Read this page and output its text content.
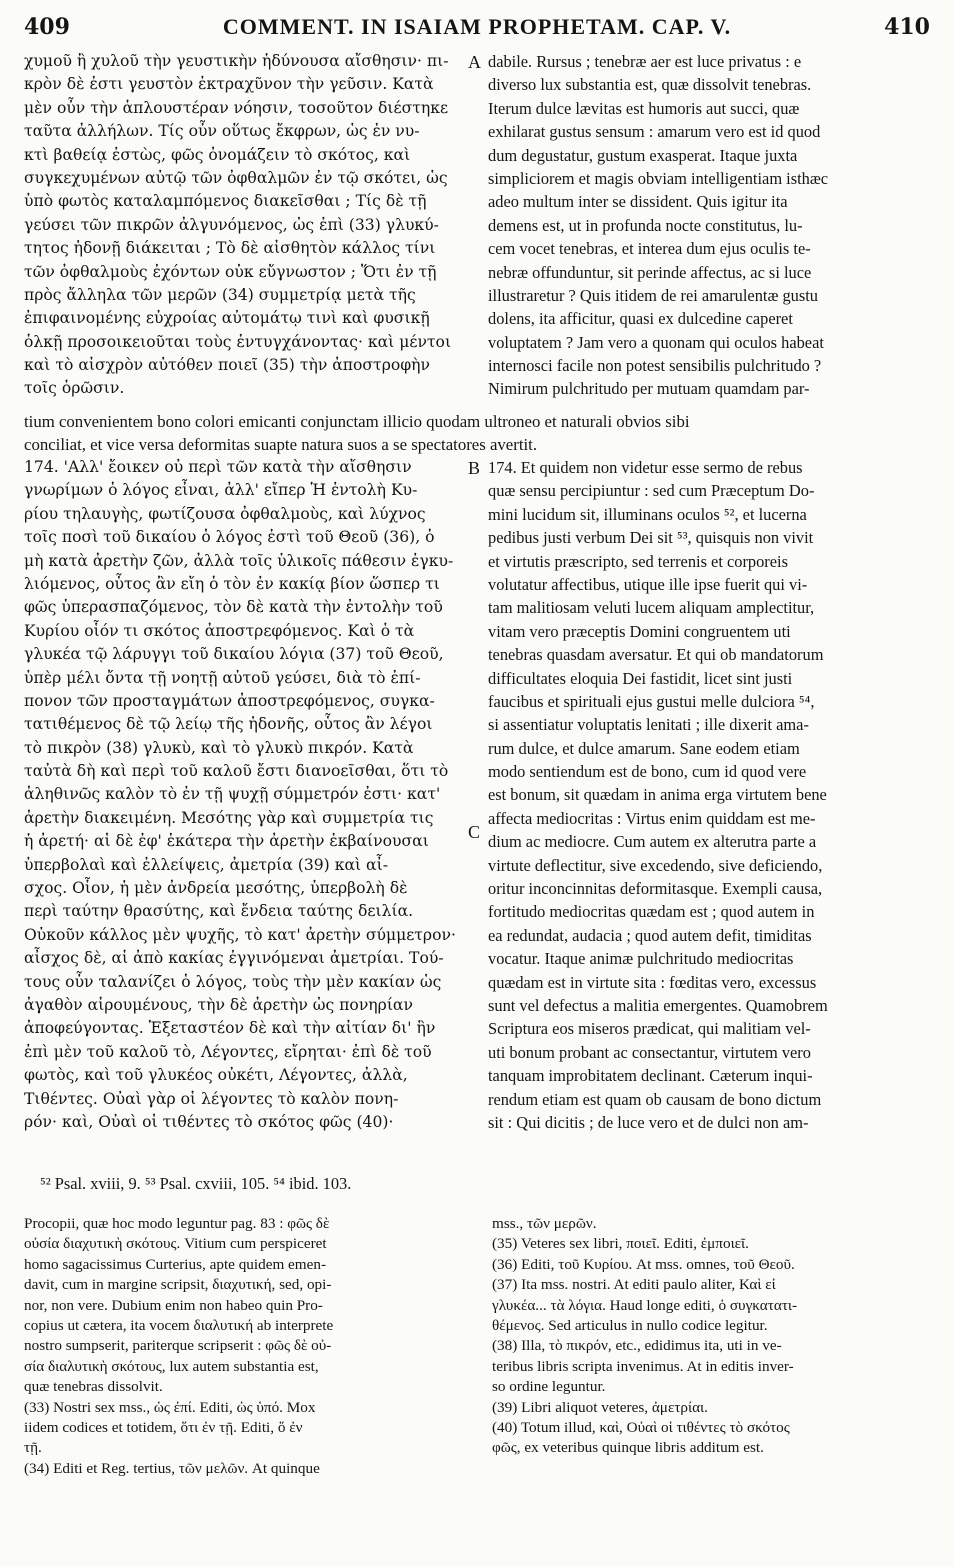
409	COMMENT. IN ISAIAM PROPHETAM. CAP. V.	410
χυμοῦ ἢ χυλοῦ τὴν γευστικὴν ἡδύνουσα αἴσθησιν· πι-
κρὸν δὲ ἐστι γευστὸν ἐκτραχῦνον τὴν γεῦσιν. Κατὰ
μὲν οὖν τὴν ἁπλουστέραν νόησιν, τοσοῦτον διέστηκε
ταῦτα ἀλλήλων. Τίς οὖν οὕτως ἔκφρων, ὡς ἐν νυ-
κτὶ βαθείᾳ ἐστὼς, φῶς ὀνομάζειν τὸ σκότος, καὶ
συγκεχυμένων αὐτῷ τῶν ὀφθαλμῶν ἐν τῷ σκότει, ὡς
ὑπὸ φωτὸς καταλαμπόμενος διακεῖσθαι ; Τίς δὲ τῇ
γεύσει τῶν πικρῶν ἀλγυνόμενος, ὡς ἐπὶ (33) γλυκύ-
τητος ἡδονῇ διάκειται ; Τὸ δὲ αἰσθητὸν κάλλος τίνι
τῶν ὀφθαλμοὺς ἐχόντων οὐκ εὔγνωστον ; Ὅτι ἐν τῇ
πρὸς ἄλληλα τῶν μερῶν (34) συμμετρίᾳ μετὰ τῆς
ἐπιφαινομένης εὐχροίας αὐτομάτῳ τινὶ καὶ φυσικῇ
ὁλκῇ προσοικειοῦται τοὺς ἐντυγχάνοντας· καὶ μέντοι
καὶ τὸ αἰσχρὸν αὐτόθεν ποιεῖ (35) τὴν ἀποστροφὴν
τοῖς ὁρῶσιν.
dabile. Rursus ; tenebræ aer est luce privatus : e
diverso lux substantia est, quæ dissolvit tenebras.
Iterum dulce lævitas est humoris aut succi, quæ
exhilarat gustus sensum : amarum vero est id quod
dum degustatur, gustum exasperat. Itaque juxta
simpliciorem et magis obviam intelligentiam isthæc
adeo multum inter se dissident. Quis igitur ita
demens est, ut in profunda nocte constitutus, lu-
cem vocet tenebras, et interea dum ejus oculis te-
nebræ offunduntur, sit perinde affectus, ac si luce
illustraretur ? Quis itidem de rei amarulentæ gustu
dolens, ita afficitur, quasi ex dulcedine caperet
voluptatem ? Jam vero a quonam qui oculos habeat
internosci facile non potest sensibilis pulchritudo ?
Nimirum pulchritudo per mutuam quamdam par-
A
tium convenientem bono colori emicanti conjunctam illicio quodam ultroneo et naturali obvios sibi
conciliat, et vice versa deformitas suapte natura suos a se spectatores avertit.
174. 'Αλλ' ἔοικεν οὐ περὶ τῶν κατὰ τὴν αἴσθησιν
γνωρίμων ὁ λόγος εἶναι, ἀλλ' εἴπερ Ἡ ἐντολὴ Κυ-
ρίου τηλαυγὴς, φωτίζουσα ὀφθαλμοὺς, καὶ λύχνος
τοῖς ποσὶ τοῦ δικαίου ὁ λόγος ἐστὶ τοῦ Θεοῦ (36), ὁ
μὴ κατὰ ἀρετὴν ζῶν, ἀλλὰ τοῖς ὑλικοῖς πάθεσιν ἐγκυ-
λιόμενος, οὗτος ἂν εἴη ὁ τὸν ἐν κακίᾳ βίον ὥσπερ τι
φῶς ὑπερασπαζόμενος, τὸν δὲ κατὰ τὴν ἐντολὴν τοῦ
Κυρίου οἷόν τι σκότος ἀποστρεφόμενος. Καὶ ὁ τὰ
γλυκέα τῷ λάρυγγι τοῦ δικαίου λόγια (37) τοῦ Θεοῦ,
ὑπὲρ μέλι ὄντα τῇ νοητῇ αὐτοῦ γεύσει, διὰ τὸ ἐπί-
πονον τῶν προσταγμάτων ἀποστρεφόμενος, συγκα-
τατιθέμενος δὲ τῷ λείῳ τῆς ἡδονῆς, οὗτος ἂν λέγοι
τὸ πικρὸν (38) γλυκὺ, καὶ τὸ γλυκὺ πικρόν. Κατὰ
ταὐτὰ δὴ καὶ περὶ τοῦ καλοῦ ἔστι διανοεῖσθαι, ὅτι τὸ
ἀληθινῶς καλὸν τὸ ἐν τῇ ψυχῇ σύμμετρόν ἐστι· κατ'
ἀρετὴν διακειμένη. Μεσότης γὰρ καὶ συμμετρία τις
ἡ ἀρετή· αἱ δὲ ἐφ' ἑκάτερα τὴν ἀρετὴν ἐκβαίνουσαι
ὑπερβολαὶ καὶ ἐλλείψεις, ἀμετρία (39) καὶ αἶ-
σχος. Οἷον, ἡ μὲν ἀνδρεία μεσότης, ὑπερβολὴ δὲ
περὶ ταύτην θρασύτης, καὶ ἔνδεια ταύτης δειλία.
Οὐκοῦν κάλλος μὲν ψυχῆς, τὸ κατ' ἀρετὴν σύμμετρον·
αἶσχος δὲ, αἱ ἀπὸ κακίας ἐγγινόμεναι ἀμετρίαι. Τού-
τους οὖν ταλανίζει ὁ λόγος, τοὺς τὴν μὲν κακίαν ὡς
ἀγαθὸν αἱρουμένους, τὴν δὲ ἀρετὴν ὡς πονηρίαν
ἀποφεύγοντας. Ἐξεταστέον δὲ καὶ τὴν αἰτίαν δι' ἣν
ἐπὶ μὲν τοῦ καλοῦ τὸ, Λέγοντες, εἴρηται· ἐπὶ δὲ τοῦ
φωτὸς, καὶ τοῦ γλυκέος οὐκέτι, Λέγοντες, ἀλλὰ,
Τιθέντες. Οὐαὶ γὰρ οἱ λέγοντες τὸ καλὸν πονη-
ρόν· καὶ, Οὐαὶ οἱ τιθέντες τὸ σκότος φῶς (40)·
174. Et quidem non videtur esse sermo de rebus
quæ sensu percipiuntur : sed cum Præceptum Do-
mini lucidum sit, illuminans oculos ⁵², et lucerna
pedibus justi verbum Dei sit ⁵³, quisquis non vivit
et virtutis præscripto, sed terrenis et corporeis
volutatur affectibus, utique ille ipse fuerit qui vi-
tam malitiosam veluti lucem aliquam amplectitur,
vitam vero præceptis Domini congruentem uti
tenebras quasdam aversatur. Et qui ob mandatorum
difficultates eloquia Dei fastidit, licet sint justi
faucibus et spirituali ejus gustui melle dulciora ⁵⁴,
si assentiatur voluptatis lenitati ; ille dixerit ama-
rum dulce, et dulce amarum. Sane eodem etiam
modo sentiendum est de bono, cum id quod vere
est bonum, sit quædam in anima erga virtutem bene
affecta mediocritas : Virtus enim quiddam est me-
dium ac mediocre. Cum autem ex alterutra parte a
virtute deflectitur, sive excedendo, sive deficiendo,
oritur inconcinnitas deformitasque. Exempli causa,
fortitudo mediocritas quædam est ; quod autem in
ea redundat, audacia ; quod autem defit, timiditas
vocatur. Itaque animæ pulchritudo mediocritas
quædam est in virtute sita : fœditas vero, excessus
sunt vel defectus a malitia emergentes. Quamobrem
Scriptura eos miseros prædicat, qui malitiam vel-
uti bonum probant ac consectantur, virtutem vero
tanquam improbitatem declinant. Cæterum inqui-
rendum etiam est quam ob causam de bono dictum
sit : Qui dicitis ; de luce vero et de dulci non am-
B
C
⁵² Psal. xviii, 9. ⁵³ Psal. cxviii, 105. ⁵⁴ ibid. 103.
Procopii, quæ hoc modo leguntur pag. 83 : φῶς δὲ
οὐσία διαχυτικὴ σκότους. Vitium cum perspiceret
homo sagacissimus Curterius, apte quidem emen-
davit, cum in margine scripsit, διαχυτική, sed, opi-
nor, non vere. Dubium enim non habeo quin Pro-
copius ut cætera, ita vocem διαλυτική ab interprete
nostro sumpserit, pariterque scripserit : φῶς δὲ οὐ-
σία διαλυτικὴ σκότους, lux autem substantia est,
quæ tenebras dissolvit.
(33) Nostri sex mss., ὡς ἐπί. Editi, ὡς ὑπό. Mox
iidem codices et totidem, ὅτι ἐν τῇ. Editi, ὅ ἐν
τῇ.
(34) Editi et Reg. tertius, τῶν μελῶν. At quinque
mss., τῶν μερῶν.
(35) Veteres sex libri, ποιεῖ. Editi, ἐμποιεῖ.
(36) Editi, τοῦ Κυρίου. At mss. omnes, τοῦ Θεοῦ.
(37) Ita mss. nostri. At editi paulo aliter, Καὶ εἰ
γλυκέα... τὰ λόγια. Haud longe editi, ὁ συγκατατι-
θέμενος. Sed articulus in nullo codice legitur.
(38) Illa, τὸ πικρόν, etc., edidimus ita, uti in ve-
teribus libris scripta invenimus. At in editis inver-
so ordine leguntur.
(39) Libri aliquot veteres, ἀμετρίαι.
(40) Totum illud, καὶ, Οὐαὶ οἱ τιθέντες τὸ σκότος
φῶς, ex veteribus quinque libris additum est.
